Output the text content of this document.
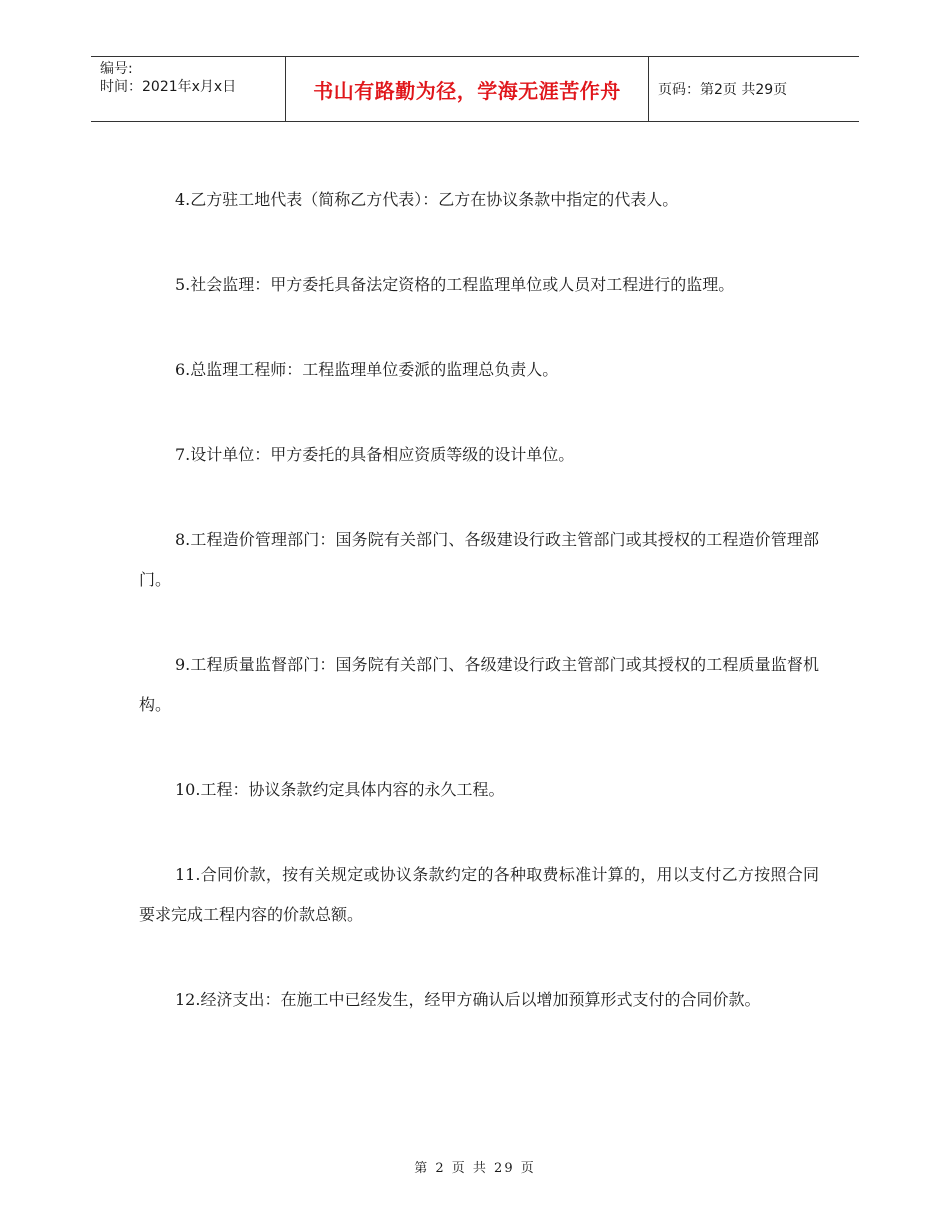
编号:
时间：2021年x月x日	书山有路勤为径，学海无涯苦作舟	页码：第2页 共29页

4.乙方驻工地代表（简称乙方代表）：乙方在协议条款中指定的代表人。

5.社会监理：甲方委托具备法定资格的工程监理单位或人员对工程进行的监理。

6.总监理工程师：工程监理单位委派的监理总负责人。

7.设计单位：甲方委托的具备相应资质等级的设计单位。

8.工程造价管理部门：国务院有关部门、各级建设行政主管部门或其授权的工程造价管理部门。

9.工程质量监督部门：国务院有关部门、各级建设行政主管部门或其授权的工程质量监督机构。

10.工程：协议条款约定具体内容的永久工程。

11.合同价款，按有关规定或协议条款约定的各种取费标准计算的，用以支付乙方按照合同要求完成工程内容的价款总额。

12.经济支出：在施工中已经发生，经甲方确认后以增加预算形式支付的合同价款。

第 2 页 共 29 页
